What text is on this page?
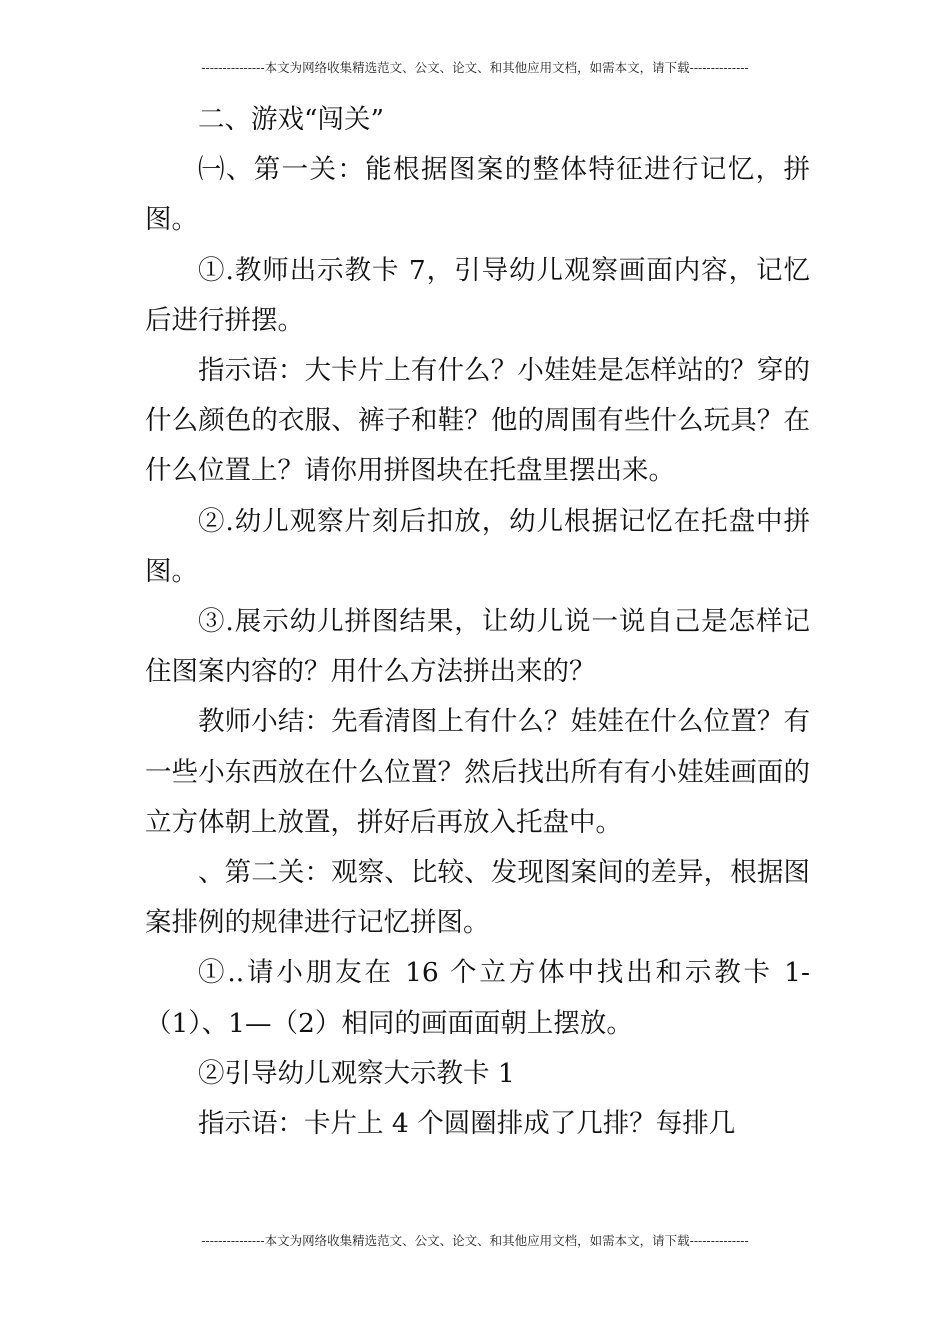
---------------本文为网络收集精选范文、公文、论文、和其他应用文档，如需本文，请下载--------------

二、游戏“闯关”

㈠、第一关：能根据图案的整体特征进行记忆，拼图。

①.教师出示教卡 7，引导幼儿观察画面内容，记忆后进行拼摆。

指示语：大卡片上有什么？小娃娃是怎样站的？穿的什么颜色的衣服、裤子和鞋？他的周围有些什么玩具？在什么位置上？请你用拼图块在托盘里摆出来。

②.幼儿观察片刻后扣放，幼儿根据记忆在托盘中拼图。

③.展示幼儿拼图结果，让幼儿说一说自己是怎样记住图案内容的？用什么方法拼出来的？

教师小结：先看清图上有什么？娃娃在什么位置？有一些小东西放在什么位置？然后找出所有有小娃娃画面的立方体朝上放置，拼好后再放入托盘中。

、第二关：观察、比较、发现图案间的差异，根据图案排例的规律进行记忆拼图。

①..请小朋友在 16 个立方体中找出和示教卡 1-（1）、1—（2）相同的画面面朝上摆放。

②引导幼儿观察大示教卡 1

指示语：卡片上 4 个圆圈排成了几排？每排几

---------------本文为网络收集精选范文、公文、论文、和其他应用文档，如需本文，请下载--------------
